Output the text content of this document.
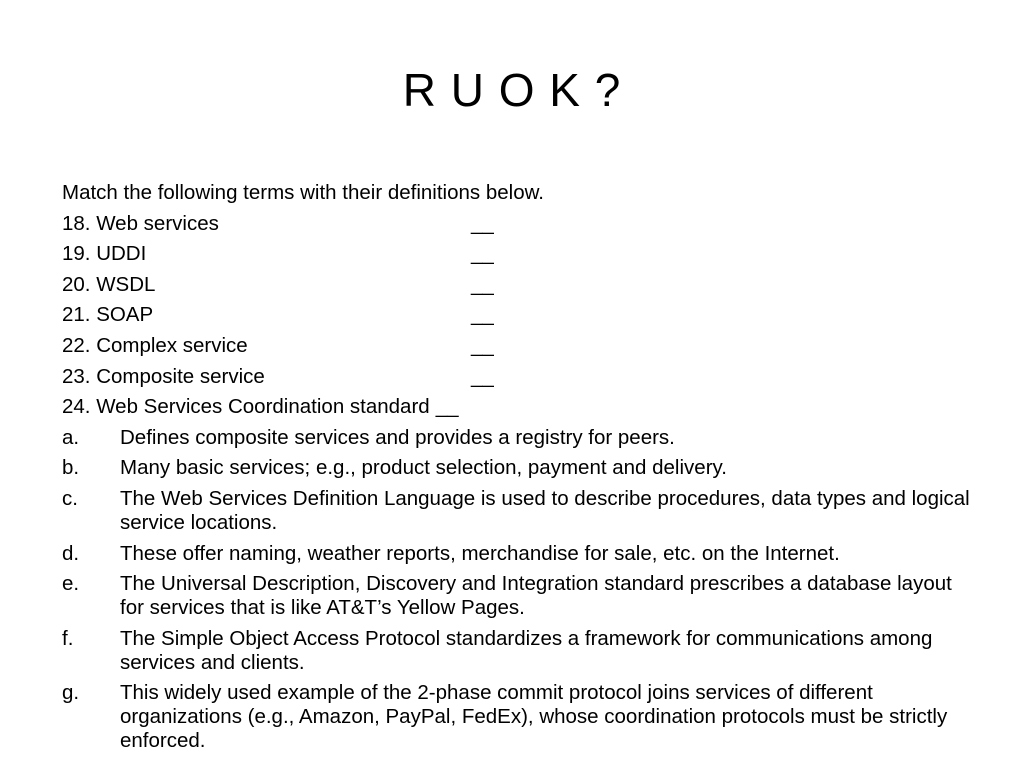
R U O K ?
Match the following terms with their definitions below.
18. Web services	__
19. UDDI	__
20. WSDL	__
21. SOAP	__
22. Complex service	__
23. Composite service	__
24. Web Services Coordination standard __
a.	Defines composite services and provides a registry for peers.
b.	Many basic services; e.g., product selection, payment and delivery.
c.	The Web Services Definition Language is used to describe procedures, data types and logical service locations.
d.	These offer naming, weather reports, merchandise for sale, etc. on the Internet.
e.	The Universal Description, Discovery and Integration standard prescribes a database layout for services that is like AT&T’s Yellow Pages.
f.	The Simple Object Access Protocol standardizes a framework for communications among services and clients.
g.	This widely used example of the 2-phase commit protocol joins services of different organizations (e.g., Amazon, PayPal, FedEx), whose coordination protocols must be strictly enforced.
